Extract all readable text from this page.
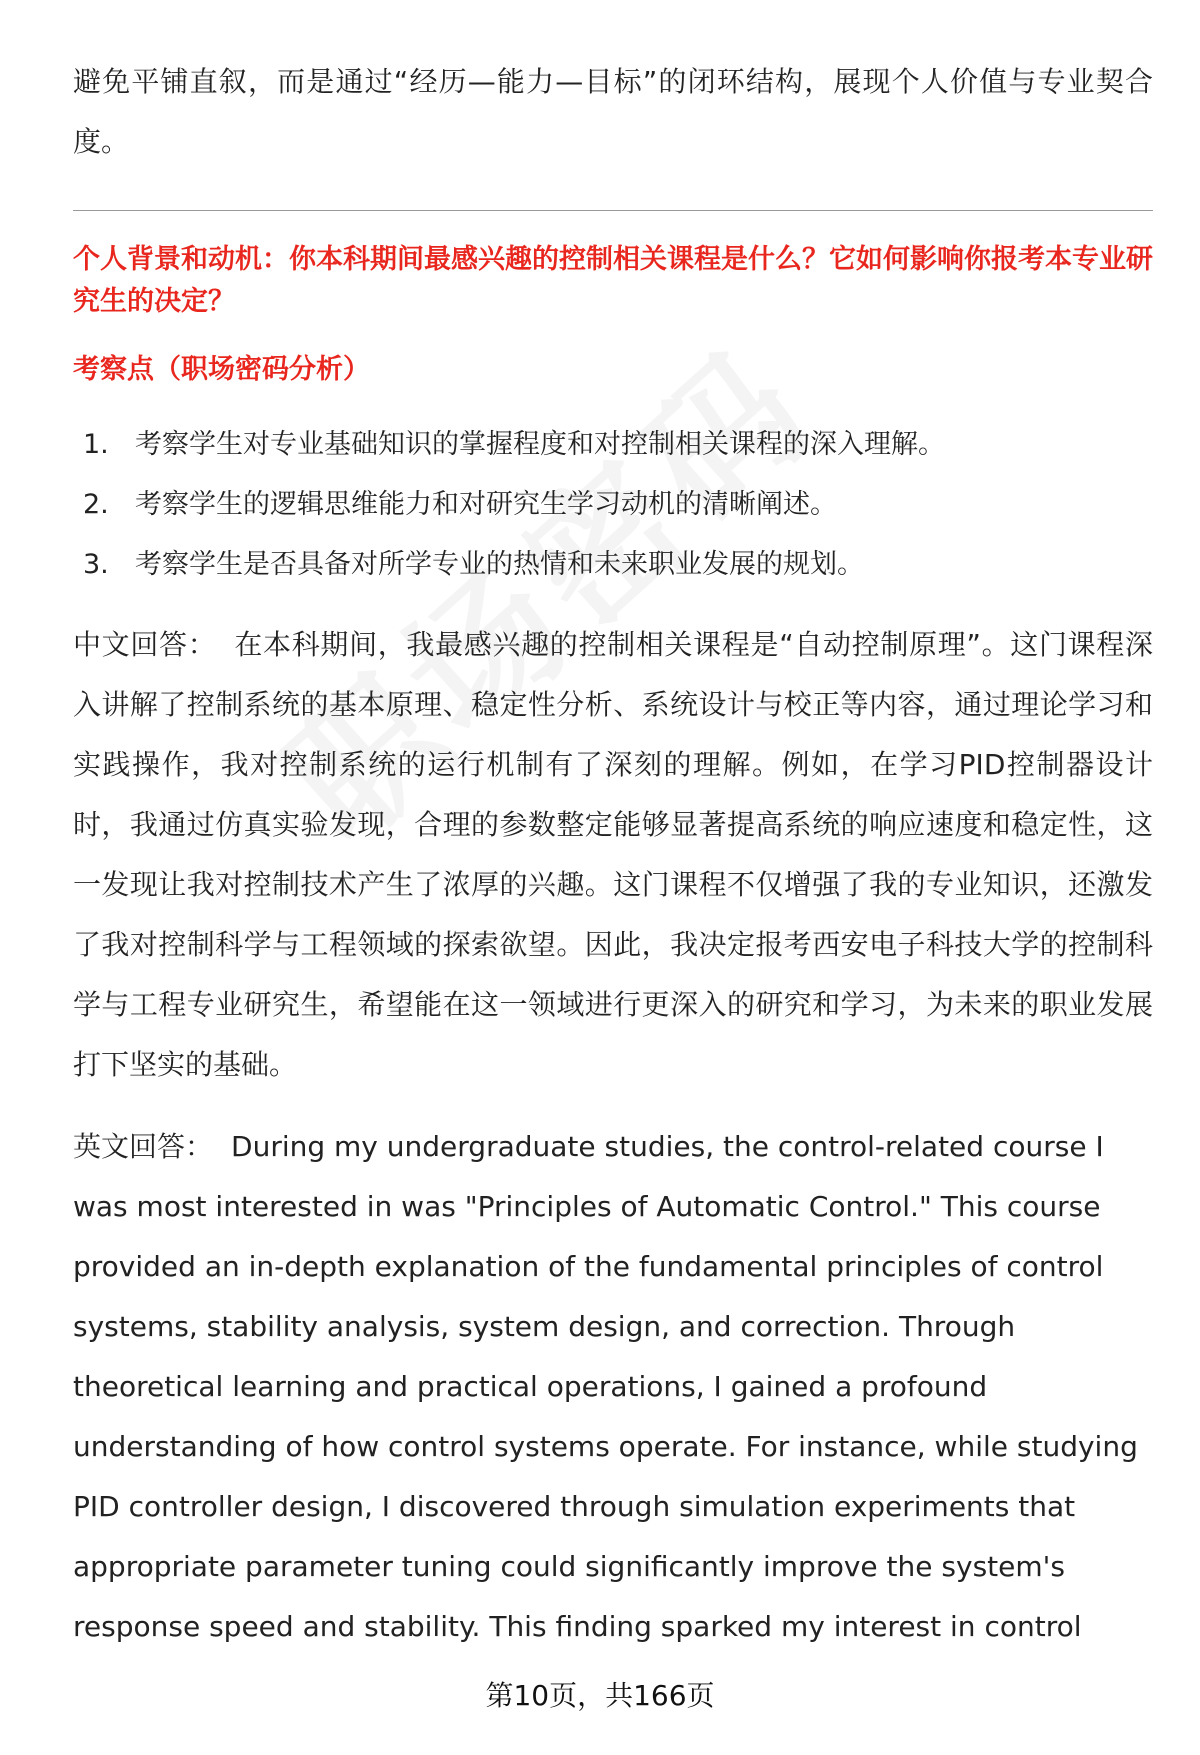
避免平铺直叙，而是通过“经历—能力—目标”的闭环结构，展现个人价值与专业契合度。

个人背景和动机：你本科期间最感兴趣的控制相关课程是什么？它如何影响你报考本专业研究生的决定？

考察点（职场密码分析）

1. 考察学生对专业基础知识的掌握程度和对控制相关课程的深入理解。
2. 考察学生的逻辑思维能力和对研究生学习动机的清晰阐述。
3. 考察学生是否具备对所学专业的热情和未来职业发展的规划。

中文回答： 在本科期间，我最感兴趣的控制相关课程是“自动控制原理”。这门课程深入讲解了控制系统的基本原理、稳定性分析、系统设计与校正等内容，通过理论学习和实践操作，我对控制系统的运行机制有了深刻的理解。例如，在学习PID控制器设计时，我通过仿真实验发现，合理的参数整定能够显著提高系统的响应速度和稳定性，这一发现让我对控制技术产生了浓厚的兴趣。这门课程不仅增强了我的专业知识，还激发了我对控制科学与工程领域的探索欲望。因此，我决定报考西安电子科技大学的控制科学与工程专业研究生，希望能在这一领域进行更深入的研究和学习，为未来的职业发展打下坚实的基础。

英文回答： During my undergraduate studies, the control-related course I was most interested in was "Principles of Automatic Control." This course provided an in-depth explanation of the fundamental principles of control systems, stability analysis, system design, and correction. Through theoretical learning and practical operations, I gained a profound understanding of how control systems operate. For instance, while studying PID controller design, I discovered through simulation experiments that appropriate parameter tuning could significantly improve the system's response speed and stability. This finding sparked my interest in control

第10页，共166页
